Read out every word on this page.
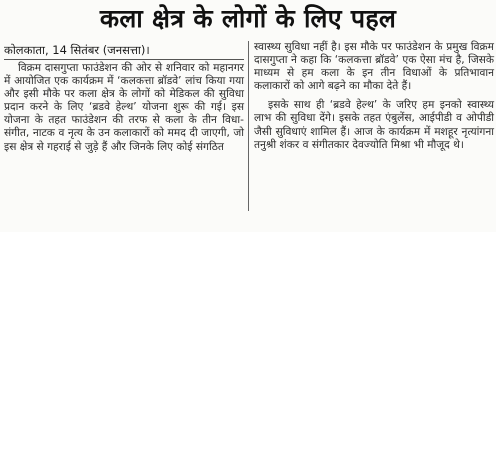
कला क्षेत्र के लोगों के लिए पहल
कोलकाता, 14 सितंबर (जनसत्ता)।

विक्रम दासगुप्ता फाउंडेशन की ओर से शनिवार को महानगर में आयोजित एक कार्यक्रम में ‘कलकत्ता ब्रॉडवे’ लांच किया गया और इसी मौके पर कला क्षेत्र के लोगों को मेडिकल की सुविधा प्रदान करने के लिए ‘ब्रडवे हेल्थ’ योजना शुरू की गई। इस योजना के तहत फाउंडेशन की तरफ से कला के तीन विधा-संगीत, नाटक व नृत्य के उन कलाकारों को ममद दी जाएगी, जो इस क्षेत्र से गहराई से जुड़े हैं और जिनके लिए कोई संगठित

स्वास्थ्य सुविधा नहीं है। इस मौके पर फाउंडेशन के प्रमुख विक्रम दासगुप्ता ने कहा कि ‘कलकत्ता ब्रॉडवे’ एक ऐसा मंच है, जिसके माध्यम से हम कला के इन तीन विधाओं के प्रतिभावान कलाकारों को आगे बढ़ने का मौका देते हैं।

इसके साथ ही ‘ब्रडवे हेल्थ’ के जरिए हम इनको स्वास्थ्य लाभ की सुविधा देंगे। इसके तहत एंबुलेंस, आईपीडी व ओपीडी जैसी सुविधाएं शामिल हैं। आज के कार्यक्रम में मशहूर नृत्यांगना तनुश्री शंकर व संगीतकार देवज्योति मिश्रा भी मौजूद थे।
